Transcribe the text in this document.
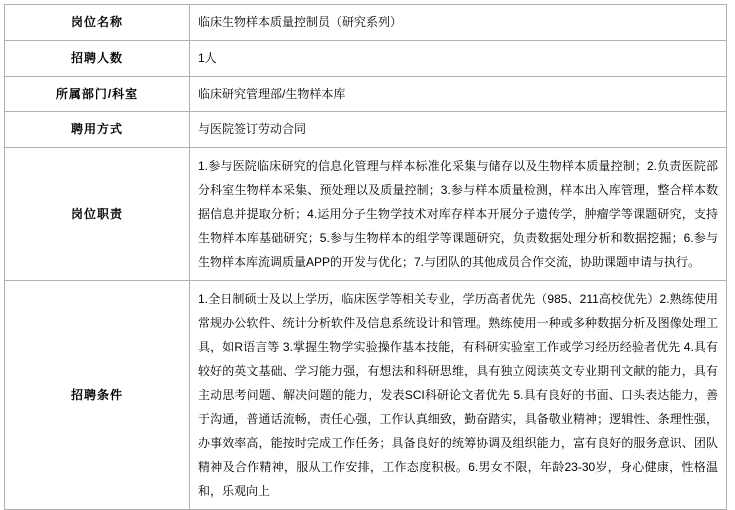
岗位名称	临床生物样本质量控制员（研究系列）
招聘人数	1人
所属部门/科室	临床研究管理部/生物样本库
聘用方式	与医院签订劳动合同
岗位职责	1.参与医院临床研究的信息化管理与样本标准化采集与储存以及生物样本质量控制；2.负责医院部分科室生物样本采集、预处理以及质量控制；3.参与样本质量检测，样本出入库管理，整合样本数据信息并提取分析；4.运用分子生物学技术对库存样本开展分子遗传学，肿瘤学等课题研究，支持生物样本库基础研究；5.参与生物样本的组学等课题研究，负责数据处理分析和数据挖掘；6.参与生物样本库流调质量APP的开发与优化；7.与团队的其他成员合作交流，协助课题申请与执行。
招聘条件	1.全日制硕士及以上学历，临床医学等相关专业，学历高者优先（985、211高校优先）2.熟练使用常规办公软件、统计分析软件及信息系统设计和管理。熟练使用一种或多种数据分析及图像处理工具，如R语言等 3.掌握生物学实验操作基本技能，有科研实验室工作或学习经历经验者优先 4.具有较好的英文基础、学习能力强，有想法和科研思维，具有独立阅读英文专业期刊文献的能力，具有主动思考问题、解决问题的能力，发表SCI科研论文者优先 5.具有良好的书面、口头表达能力，善于沟通，普通话流畅，责任心强，工作认真细致，勤奋踏实，具备敬业精神；逻辑性、条理性强，办事效率高，能按时完成工作任务；具备良好的统筹协调及组织能力，富有良好的服务意识、团队精神及合作精神，服从工作安排，工作态度积极。6.男女不限，年龄23-30岁，身心健康，性格温和，乐观向上
